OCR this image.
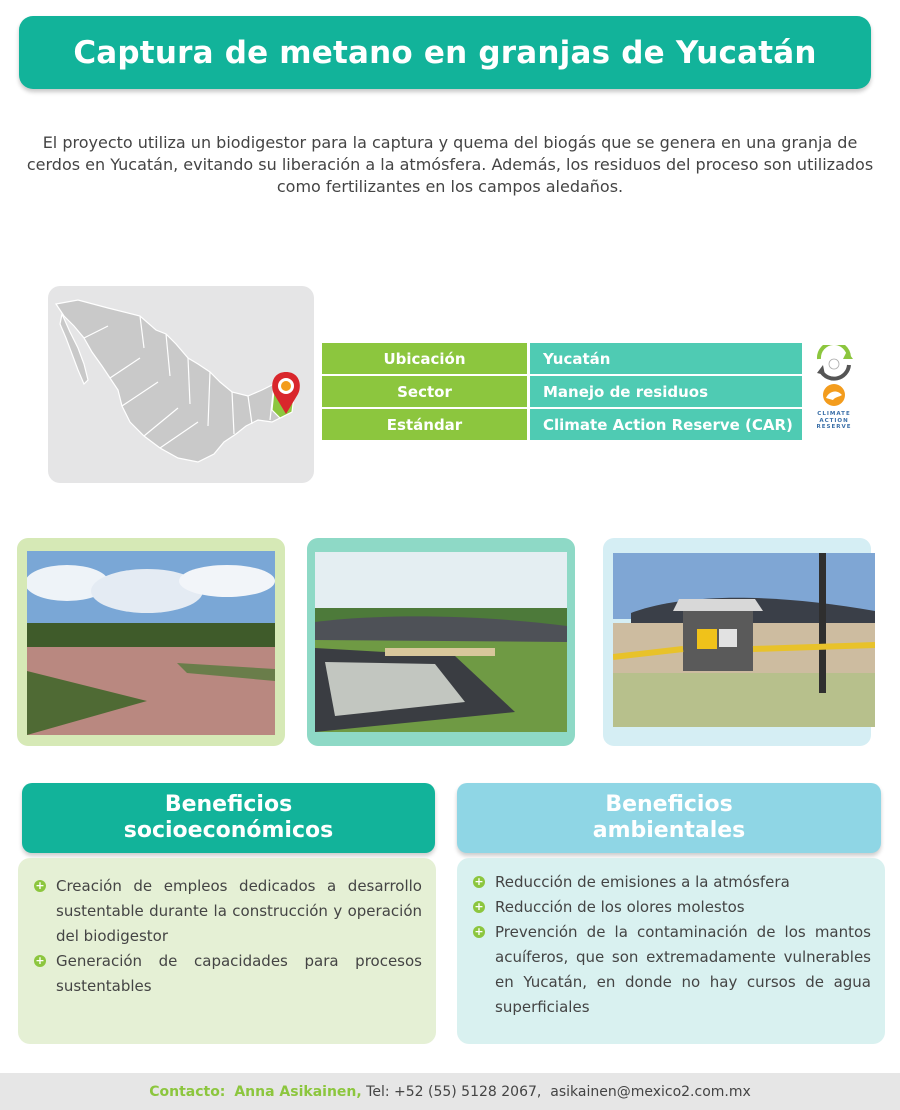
Captura de metano en granjas de Yucatán

El proyecto utiliza un biodigestor para la captura y quema del biogás que se genera en una granja de cerdos en Yucatán, evitando su liberación a la atmósfera. Además, los residuos del proceso son utilizados como fertilizantes en los campos aledaños.

Ubicación	Yucatán
Sector	Manejo de residuos
Estándar	Climate Action Reserve (CAR)
CLIMATE
ACTION
RESERVE
Beneficios
socioeconómicos
Beneficios
ambientales
+ Creación de empleos dedicados a desarrollo sustentable durante la construcción y operación del biodigestor
+ Generación de capacidades para procesos sustentables
+ Reducción de emisiones a la atmósfera
+ Reducción de los olores molestos
+ Prevención de la contaminación de los mantos acuíferos, que son extremadamente vulnerables en Yucatán, en donde no hay cursos de agua superficiales
Contacto:
Anna Asikainen,
Tel: +52 (55) 5128 2067,
asikainen@mexico2.com.mx
